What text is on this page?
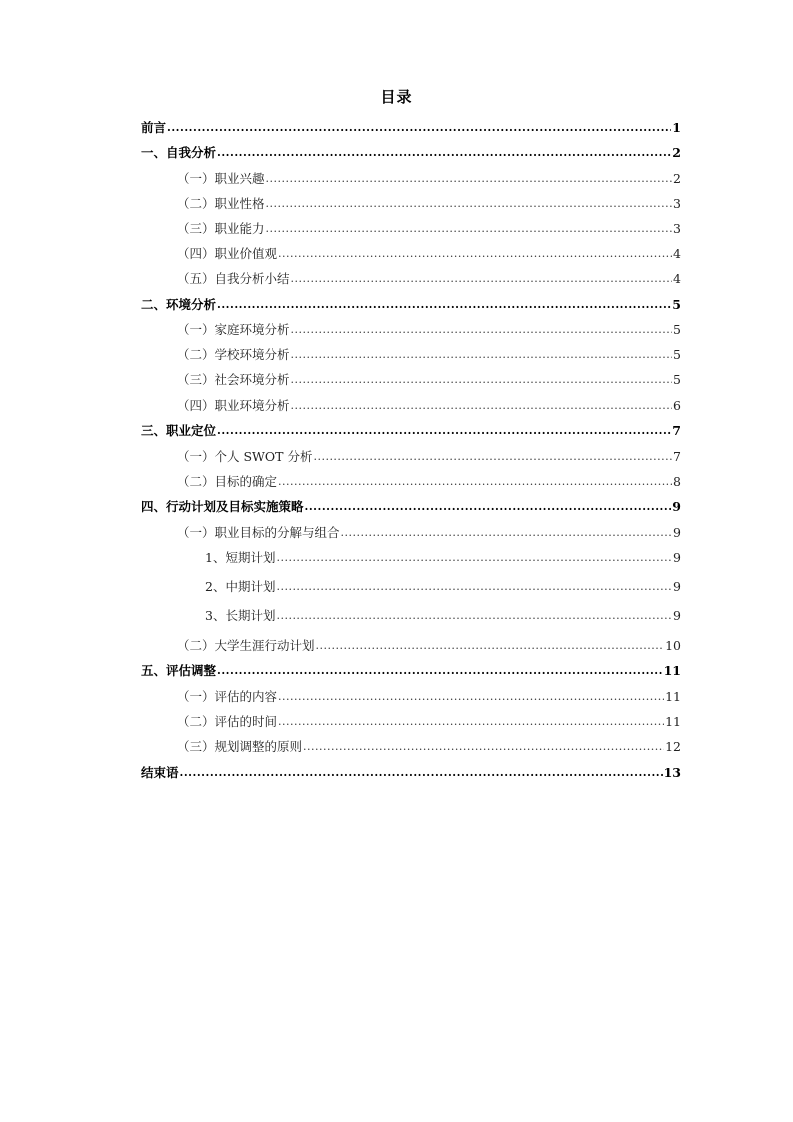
目录
前言 .....	1
一、自我分析 .....	2
（一）职业兴趣 .....	2
（二）职业性格 .....	3
（三）职业能力 .....	3
（四）职业价值观 .....	4
（五）自我分析小结 .....	4
二、环境分析 .....	5
（一）家庭环境分析 .....	5
（二）学校环境分析 .....	5
（三）社会环境分析 .....	5
（四）职业环境分析 .....	6
三、职业定位 .....	7
（一）个人 SWOT 分析 .....	7
（二）目标的确定 .....	8
四、行动计划及目标实施策略 .....	9
（一）职业目标的分解与组合 .....	9
1、短期计划 .....	9
2、中期计划 .....	9
3、长期计划 .....	9
（二）大学生涯行动计划 .....	10
五、评估调整 .....	11
（一）评估的内容 .....	11
（二）评估的时间 .....	11
（三）规划调整的原则 .....	12
结束语 .....	13
